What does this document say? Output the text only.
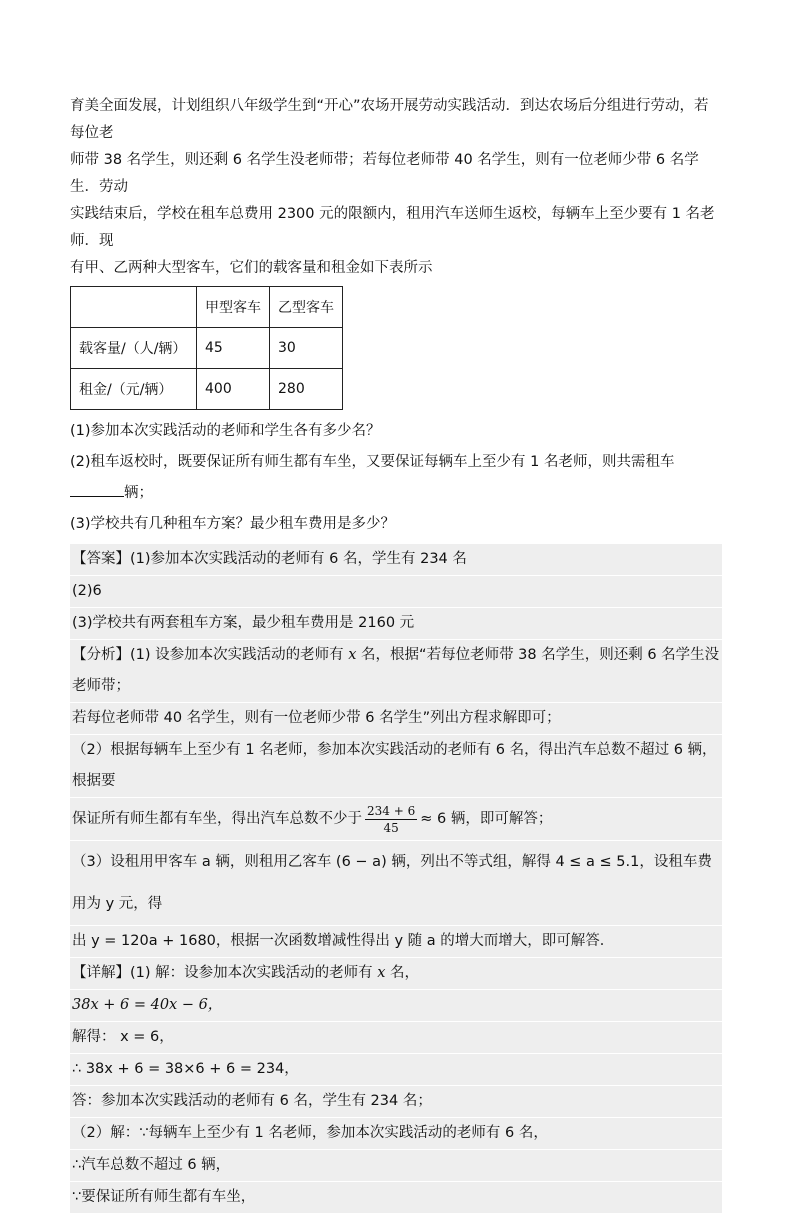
育美全面发展，计划组织八年级学生到“开心”农场开展劳动实践活动．到达农场后分组进行劳动，若每位老

师带 38 名学生，则还剩 6 名学生没老师带；若每位老师带 40 名学生，则有一位老师少带 6 名学生．劳动

实践结束后，学校在租车总费用 2300 元的限额内，租用汽车送师生返校，每辆车上至少要有 1 名老师．现

有甲、乙两种大型客车，它们的载客量和租金如下表所示

	甲型客车	乙型客车
载客量/（人/辆）	45	30
租金/（元/辆）	400	280

(1)参加本次实践活动的老师和学生各有多少名？

(2)租车返校时，既要保证所有师生都有车坐，又要保证每辆车上至少有 1 名老师，则共需租车辆；

(3)学校共有几种租车方案？最少租车费用是多少？

【答案】(1)参加本次实践活动的老师有 6 名，学生有 234 名

(2)6

(3)学校共有两套租车方案，最少租车费用是 2160 元

【分析】(1) 设参加本次实践活动的老师有 x 名，根据“若每位老师带 38 名学生，则还剩 6 名学生没老师带；

若每位老师带 40 名学生，则有一位老师少带 6 名学生”列出方程求解即可；

（2）根据每辆车上至少有 1 名老师，参加本次实践活动的老师有 6 名，得出汽车总数不超过 6 辆，根据要

保证所有师生都有车坐，得出汽车总数不少于 $\frac{234 + 6}{45} \approx 6$ 辆，即可解答；

（3）设租用甲客车 a 辆，则租用乙客车 (6 − a) 辆，列出不等式组，解得 4 ≤ a ≤ 5.1，设租车费用为 y 元，得

出 y = 120a + 1680，根据一次函数增减性得出 y 随 a 的增大而增大，即可解答．

【详解】(1) 解：设参加本次实践活动的老师有 x 名，

38x + 6 = 40x − 6，

解得： x = 6，

∴ 38x + 6 = 38×6 + 6 = 234，

答：参加本次实践活动的老师有 6 名，学生有 234 名；

（2）解：∵每辆车上至少有 1 名老师，参加本次实践活动的老师有 6 名，

∴汽车总数不超过 6 辆，

∵要保证所有师生都有车坐，
